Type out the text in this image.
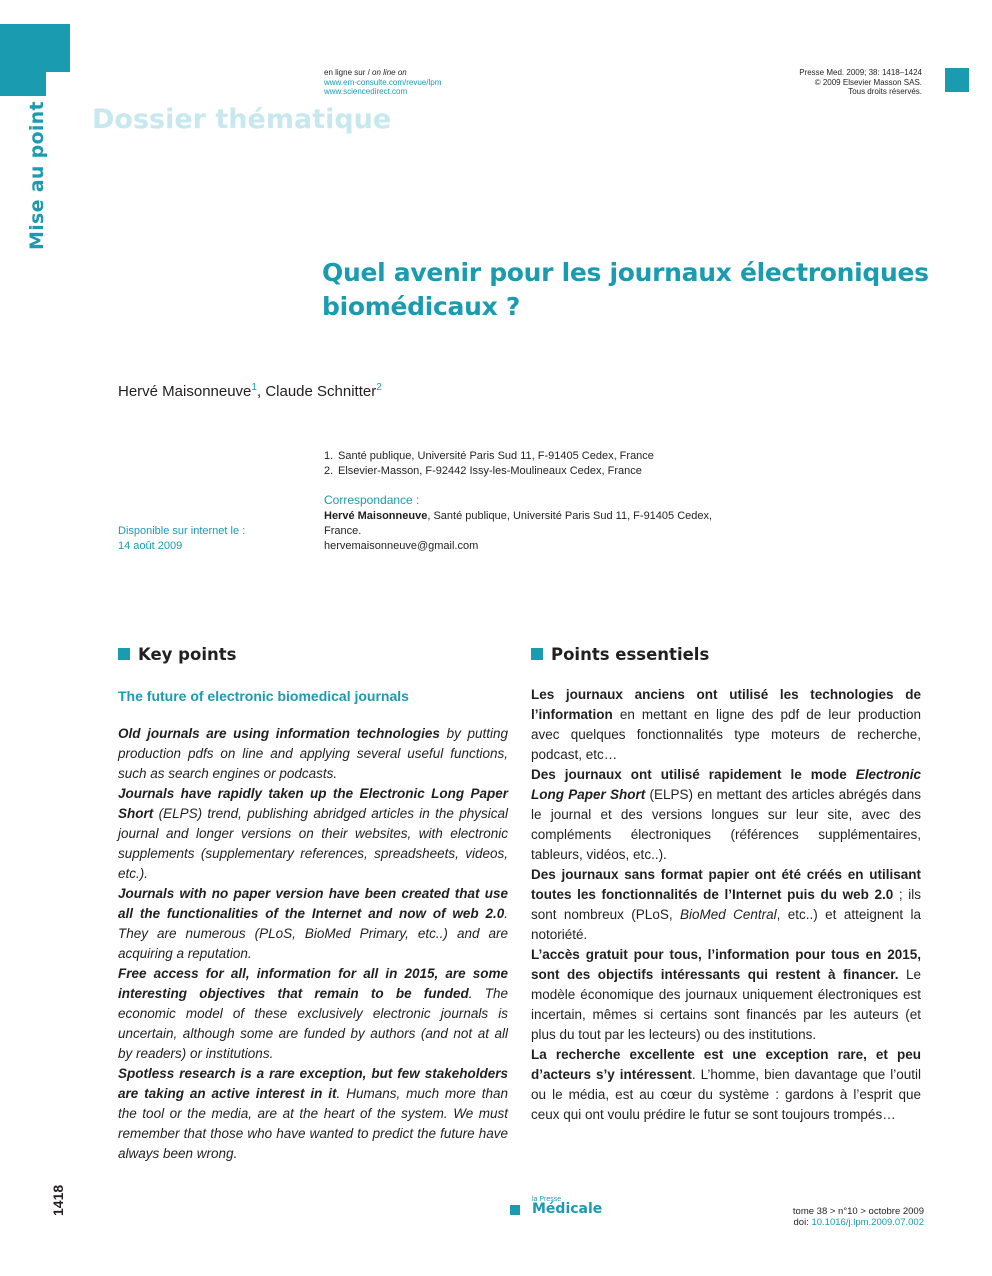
Mise au point Dossier thématique
en ligne sur / on line on
www.em-consulte.com/revue/lpm
www.sciencedirect.com
Presse Med. 2009; 38: 1418–1424
© 2009 Elsevier Masson SAS.
Tous droits réservés.
Quel avenir pour les journaux électroniques biomédicaux ?
Hervé Maisonneuve$^1$, Claude Schnitter$^2$
1. Santé publique, Université Paris Sud 11, F-91405 Cedex, France
2. Elsevier-Masson, F-92442 Issy-les-Moulineaux Cedex, France
Disponible sur internet le :
14 août 2009
Correspondance :
Hervé Maisonneuve, Santé publique, Université Paris Sud 11, F-91405 Cedex,
France.
hervemaisonneuve@gmail.com
Key points
The future of electronic biomedical journals

Old journals are using information technologies by putting production pdfs on line and applying several useful functions, such as search engines or podcasts.

Journals have rapidly taken up the Electronic Long Paper Short (ELPS) trend, publishing abridged articles in the physical journal and longer versions on their websites, with electronic supplements (supplementary references, spreadsheets, videos, etc.).

Journals with no paper version have been created that use all the functionalities of the Internet and now of web 2.0. They are numerous (PLoS, BioMed Primary, etc..) and are acquiring a reputation.

Free access for all, information for all in 2015, are some interesting objectives that remain to be funded. The economic model of these exclusively electronic journals is uncertain, although some are funded by authors (and not at all by readers) or institutions.

Spotless research is a rare exception, but few stakeholders are taking an active interest in it. Humans, much more than the tool or the media, are at the heart of the system. We must remember that those who have wanted to predict the future have always been wrong.

Points essentiels

Les journaux anciens ont utilisé les technologies de l’information en mettant en ligne des pdf de leur production avec quelques fonctionnalités type moteurs de recherche, podcast, etc…

Des journaux ont utilisé rapidement le mode Electronic Long Paper Short (ELPS) en mettant des articles abrégés dans le journal et des versions longues sur leur site, avec des compléments électroniques (références supplémentaires, tableurs, vidéos, etc..).

Des journaux sans format papier ont été créés en utilisant toutes les fonctionnalités de l’Internet puis du web 2.0 ; ils sont nombreux (PLoS, BioMed Central, etc..) et atteignent la notoriété.

L’accès gratuit pour tous, l’information pour tous en 2015, sont des objectifs intéressants qui restent à financer. Le modèle économique des journaux uniquement électroniques est incertain, mêmes si certains sont financés par les auteurs (et plus du tout par les lecteurs) ou des institutions.

La recherche excellente est une exception rare, et peu d’acteurs s’y intéressent. L’homme, bien davantage que l’outil ou le média, est au cœur du système : gardons à l’esprit que ceux qui ont voulu prédire le futur se sont toujours trompés…

1418	la Presse
Médicale	tome 38 > n°10 > octobre 2009
doi: 10.1016/j.lpm.2009.07.002
